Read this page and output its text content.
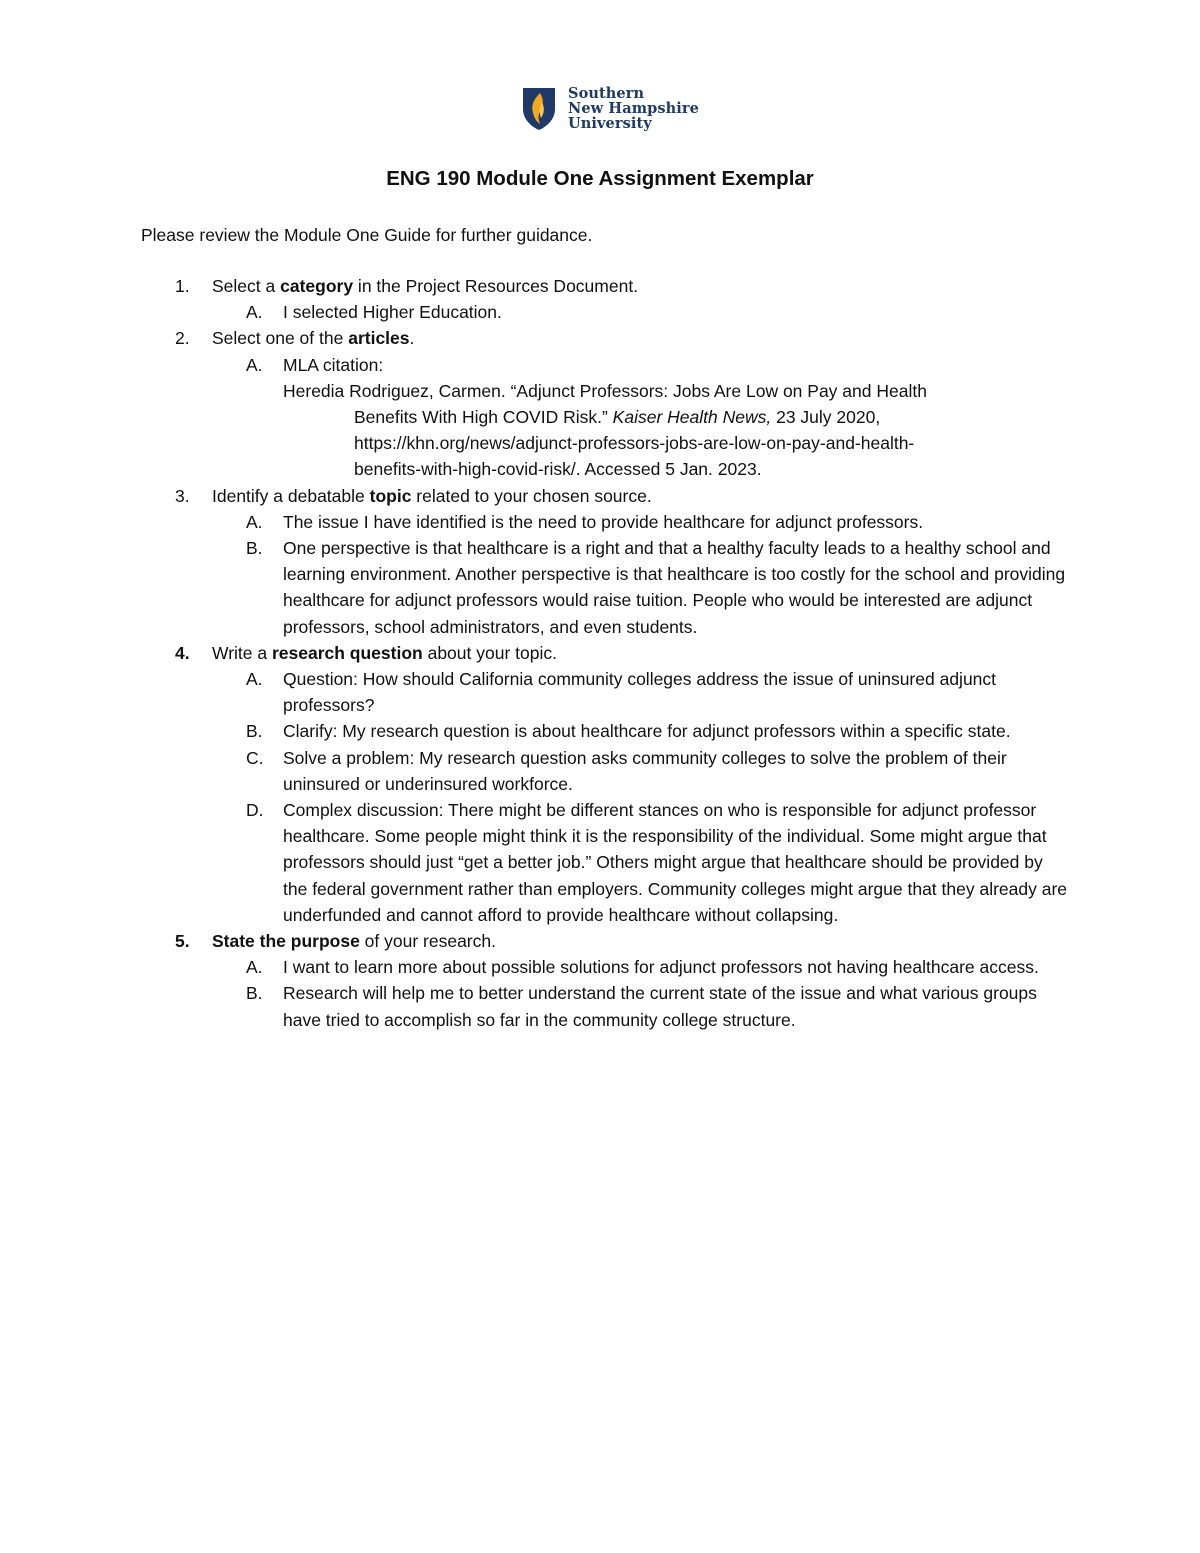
Southern
New Hampshire
University
ENG 190 Module One Assignment Exemplar
Please review the Module One Guide for further guidance.
1.	Select a category in the Project Resources Document.
A. I selected Higher Education.
2.	Select one of the articles.
A. MLA citation:
Heredia Rodriguez, Carmen. “Adjunct Professors: Jobs Are Low on Pay and Health
Benefits With High COVID Risk.” Kaiser Health News, 23 July 2020,
https://khn.org/news/adjunct-professors-jobs-are-low-on-pay-and-health-
benefits-with-high-covid-risk/. Accessed 5 Jan. 2023.
3.	Identify a debatable topic related to your chosen source.
A. The issue I have identified is the need to provide healthcare for adjunct professors.
B. One perspective is that healthcare is a right and that a healthy faculty leads to a healthy school and learning environment. Another perspective is that healthcare is too costly for the school and providing healthcare for adjunct professors would raise tuition. People who would be interested are adjunct professors, school administrators, and even students.
4.	Write a research question about your topic.
A. Question: How should California community colleges address the issue of uninsured adjunct professors?
B. Clarify: My research question is about healthcare for adjunct professors within a specific state.
C. Solve a problem: My research question asks community colleges to solve the problem of their uninsured or underinsured workforce.
D. Complex discussion: There might be different stances on who is responsible for adjunct professor healthcare. Some people might think it is the responsibility of the individual. Some might argue that professors should just “get a better job.” Others might argue that healthcare should be provided by the federal government rather than employers. Community colleges might argue that they already are underfunded and cannot afford to provide healthcare without collapsing.
5.	State the purpose of your research.
A. I want to learn more about possible solutions for adjunct professors not having healthcare access.
B. Research will help me to better understand the current state of the issue and what various groups have tried to accomplish so far in the community college structure.
